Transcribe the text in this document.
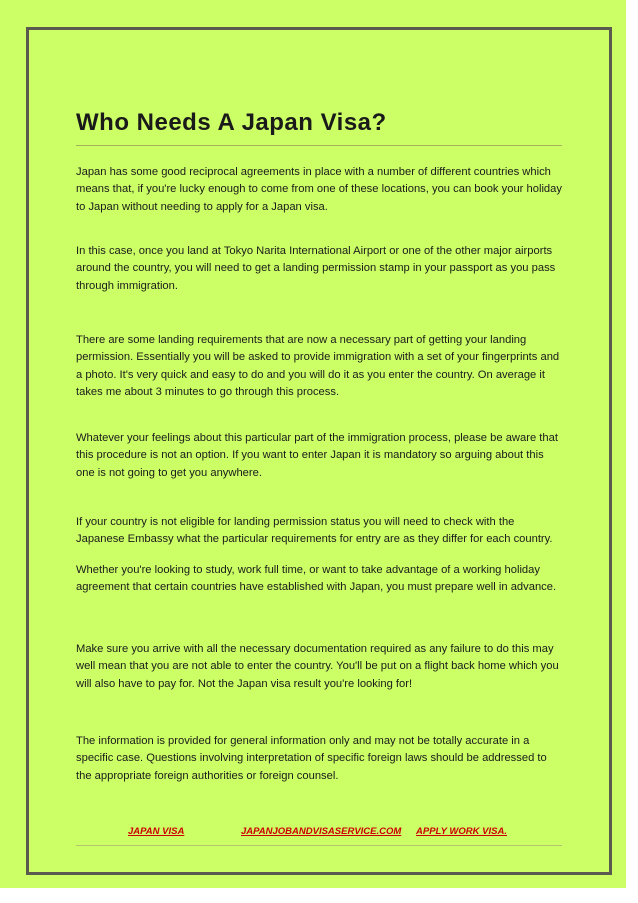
Who Needs A Japan Visa?

Japan has some good reciprocal agreements in place with a number of different countries which means that, if you're lucky enough to come from one of these locations, you can book your holiday to Japan without needing to apply for a Japan visa.

In this case, once you land at Tokyo Narita International Airport or one of the other major airports around the country, you will need to get a landing permission stamp in your passport as you pass through immigration.

There are some landing requirements that are now a necessary part of getting your landing permission. Essentially you will be asked to provide immigration with a set of your fingerprints and a photo. It's very quick and easy to do and you will do it as you enter the country. On average it takes me about 3 minutes to go through this process.

Whatever your feelings about this particular part of the immigration process, please be aware that this procedure is not an option. If you want to enter Japan it is mandatory so arguing about this one is not going to get you anywhere.

If your country is not eligible for landing permission status you will need to check with the Japanese Embassy what the particular requirements for entry are as they differ for each country.

Whether you're looking to study, work full time, or want to take advantage of a working holiday agreement that certain countries have established with Japan, you must prepare well in advance.

Make sure you arrive with all the necessary documentation required as any failure to do this may well mean that you are not able to enter the country. You'll be put on a flight back home which you will also have to pay for. Not the Japan visa result you're looking for!

The information is provided for general information only and may not be totally accurate in a specific case. Questions involving interpretation of specific foreign laws should be addressed to the appropriate foreign authorities or foreign counsel.

JAPAN VISA	JAPANJOBANDVISASERVICE.COM APPLY WORK VISA.
